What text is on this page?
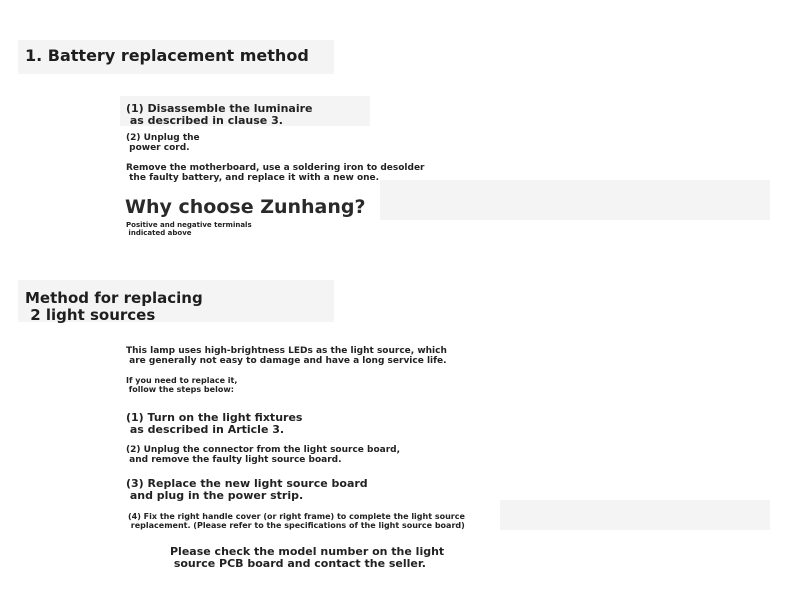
1. Battery replacement method
(1) Disassemble the luminaire
as described in clause 3.
(2) Unplug the
power cord.
Remove the motherboard, use a soldering iron to desolder
the faulty battery, and replace it with a new one.
Why choose Zunhang?
Positive and negative terminals
indicated above
Method for replacing
2 light sources
This lamp uses high-brightness LEDs as the light source, which
are generally not easy to damage and have a long service life.
If you need to replace it,
follow the steps below:
(1) Turn on the light fixtures
as described in Article 3.
(2) Unplug the connector from the light source board,
and remove the faulty light source board.
(3) Replace the new light source board
and plug in the power strip.
(4) Fix the right handle cover (or right frame) to complete the light source
replacement. (Please refer to the specifications of the light source board)
Please check the model number on the light
source PCB board and contact the seller.
